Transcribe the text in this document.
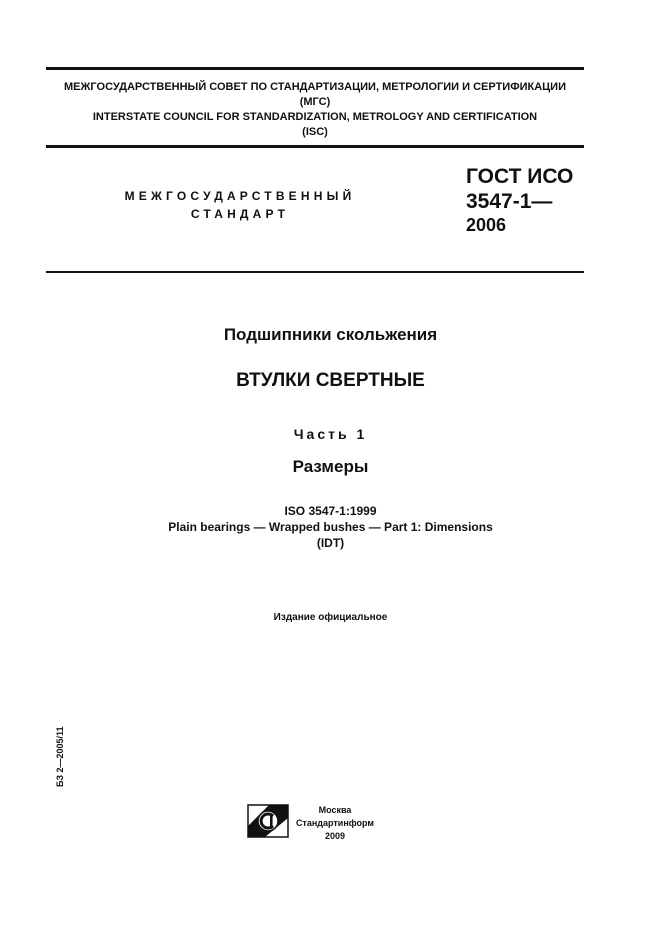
МЕЖГОСУДАРСТВЕННЫЙ СОВЕТ ПО СТАНДАРТИЗАЦИИ, МЕТРОЛОГИИ И СЕРТИФИКАЦИИ
(МГС)
INTERSTATE COUNCIL FOR STANDARDIZATION, METROLOGY AND CERTIFICATION
(ISC)
МЕЖГОСУДАРСТВЕННЫЙ
СТАНДАРТ
ГОСТ ИСО
3547-1—
2006
Подшипники скольжения
ВТУЛКИ СВЕРТНЫЕ
Часть 1
Размеры
ISO 3547-1:1999
Plain bearings — Wrapped bushes — Part 1: Dimensions
(IDT)
Издание официальное
БЗ 2—2005/11
Москва
Стандартинформ
2009
